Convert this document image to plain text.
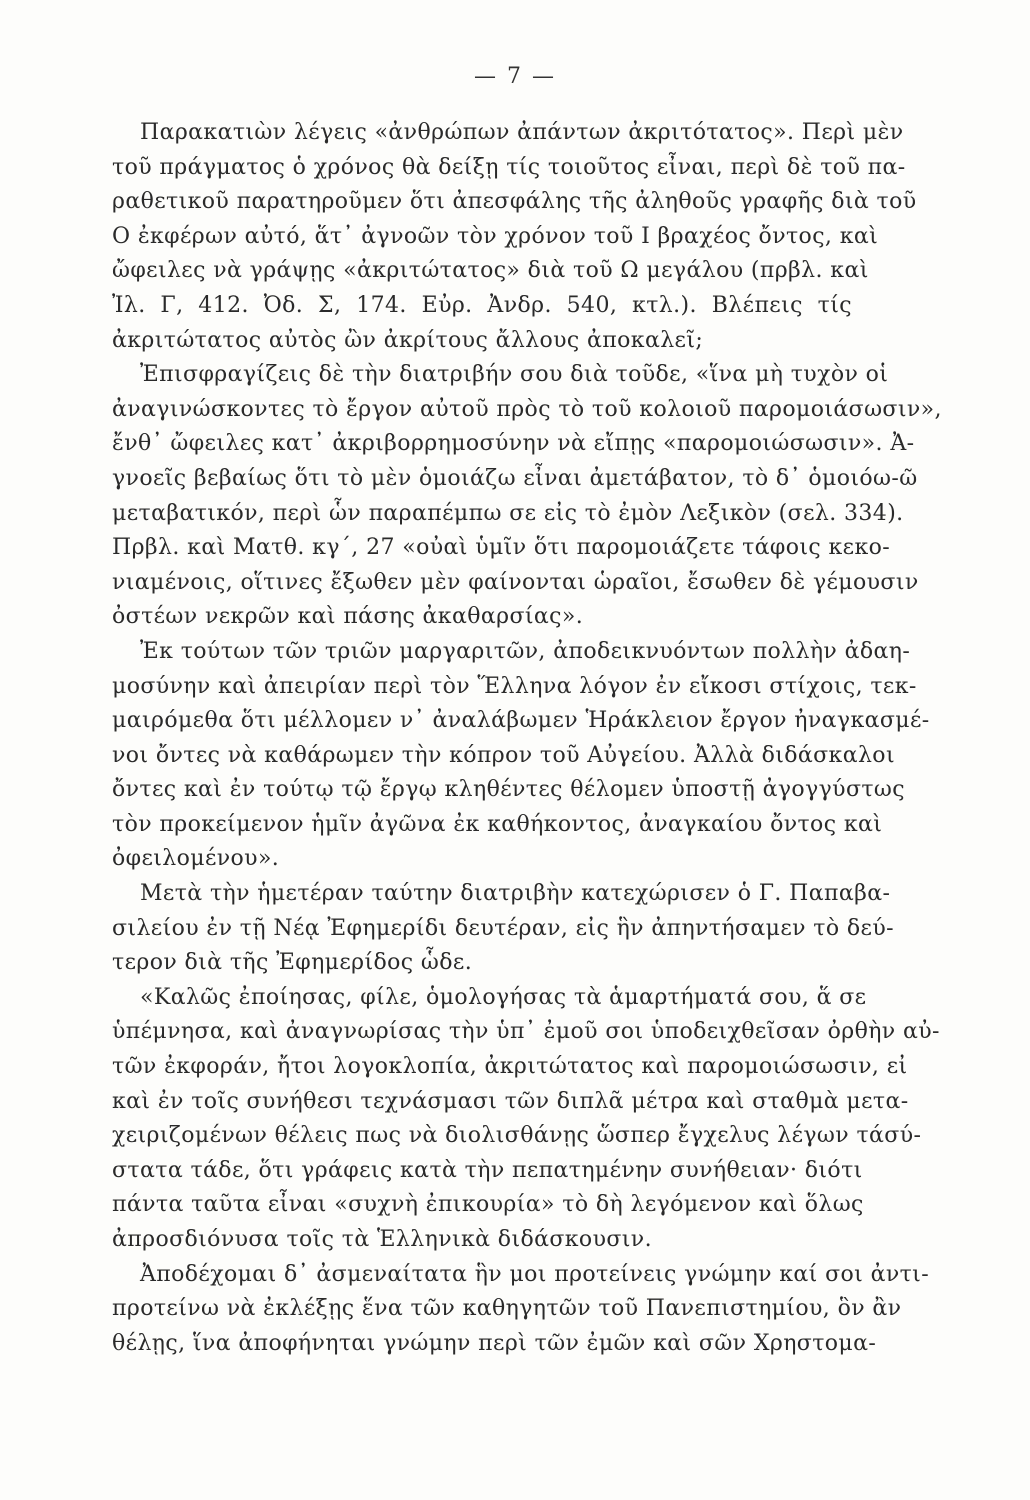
— 7 —
Παρακατιὼν λέγεις «ἀνθρώπων ἀπάντων ἀκριτότατος». Περὶ μὲν
τοῦ πράγματος ὁ χρόνος θὰ δείξῃ τίς τοιοῦτος εἶναι, περὶ δὲ τοῦ πα-
ραθετικοῦ παρατηροῦμεν ὅτι ἀπεσφάλης τῆς ἀληθοῦς γραφῆς διὰ τοῦ
Ο ἐκφέρων αὐτό, ἅτ᾽ ἀγνοῶν τὸν χρόνον τοῦ Ι βραχέος ὄντος, καὶ
ὤφειλες νὰ γράψῃς «ἀκριτώτατος» διὰ τοῦ Ω μεγάλου (πρβλ. καὶ
Ἰλ. Γ, 412. Ὀδ. Σ, 174. Εὐρ. Ἀνδρ. 540, κτλ.). Βλέπεις τίς
ἀκριτώτατος αὐτὸς ὢν ἀκρίτους ἄλλους ἀποκαλεῖ;
Ἐπισφραγίζεις δὲ τὴν διατριβήν σου διὰ τοῦδε, «ἵνα μὴ τυχὸν οἱ
ἀναγινώσκοντες τὸ ἔργον αὐτοῦ πρὸς τὸ τοῦ κολοιοῦ παρομοιάσωσιν»,
ἔνθ᾽ ὤφειλες κατ᾽ ἀκριβορρημοσύνην νὰ εἴπῃς «παρομοιώσωσιν». Ἀ-
γνοεῖς βεβαίως ὅτι τὸ μὲν ὁμοιάζω εἶναι ἀμετάβατον, τὸ δ᾽ ὁμοιόω-ῶ
μεταβατικόν, περὶ ὧν παραπέμπω σε εἰς τὸ ἐμὸν Λεξικὸν (σελ. 334).
Πρβλ. καὶ Ματθ. κγ΄, 27 «οὐαὶ ὑμῖν ὅτι παρομοιάζετε τάφοις κεκο-
νιαμένοις, οἵτινες ἔξωθεν μὲν φαίνονται ὡραῖοι, ἔσωθεν δὲ γέμουσιν
ὀστέων νεκρῶν καὶ πάσης ἀκαθαρσίας».
Ἐκ τούτων τῶν τριῶν μαργαριτῶν, ἀποδεικνυόντων πολλὴν ἀδαη-
μοσύνην καὶ ἀπειρίαν περὶ τὸν Ἕλληνα λόγον ἐν εἴκοσι στίχοις, τεκ-
μαιρόμεθα ὅτι μέλλομεν ν᾽ ἀναλάβωμεν Ἡράκλειον ἔργον ἠναγκασμέ-
νοι ὄντες νὰ καθάρωμεν τὴν κόπρον τοῦ Αὐγείου. Ἀλλὰ διδάσκαλοι
ὄντες καὶ ἐν τούτῳ τῷ ἔργῳ κληθέντες θέλομεν ὑποστῇ ἀγογγύστως
τὸν προκείμενον ἡμῖν ἀγῶνα ἐκ καθήκοντος, ἀναγκαίου ὄντος καὶ
ὀφειλομένου».
Μετὰ τὴν ἡμετέραν ταύτην διατριβὴν κατεχώρισεν ὁ Γ. Παπαβα-
σιλείου ἐν τῇ Νέᾳ Ἐφημερίδι δευτέραν, εἰς ἣν ἀπηντήσαμεν τὸ δεύ-
τερον διὰ τῆς Ἐφημερίδος ὧδε.
«Καλῶς ἐποίησας, φίλε, ὁμολογήσας τὰ ἁμαρτήματά σου, ἅ σε
ὑπέμνησα, καὶ ἀναγνωρίσας τὴν ὑπ᾽ ἐμοῦ σοι ὑποδειχθεῖσαν ὀρθὴν αὐ-
τῶν ἐκφοράν, ἤτοι λογοκλοπία, ἀκριτώτατος καὶ παρομοιώσωσιν, εἰ
καὶ ἐν τοῖς συνήθεσι τεχνάσμασι τῶν διπλᾶ μέτρα καὶ σταθμὰ μετα-
χειριζομένων θέλεις πως νὰ διολισθάνῃς ὥσπερ ἔγχελυς λέγων τάσύ-
στατα τάδε, ὅτι γράφεις κατὰ τὴν πεπατημένην συνήθειαν· διότι
πάντα ταῦτα εἶναι «συχνὴ ἐπικουρία» τὸ δὴ λεγόμενον καὶ ὅλως
ἀπροσδιόνυσα τοῖς τὰ Ἑλληνικὰ διδάσκουσιν.
Ἀποδέχομαι δ᾽ ἀσμεναίτατα ἣν μοι προτείνεις γνώμην καί σοι ἀντι-
προτείνω νὰ ἐκλέξῃς ἕνα τῶν καθηγητῶν τοῦ Πανεπιστημίου, ὃν ἂν
θέλῃς, ἵνα ἀποφήνηται γνώμην περὶ τῶν ἐμῶν καὶ σῶν Χρηστομα-
